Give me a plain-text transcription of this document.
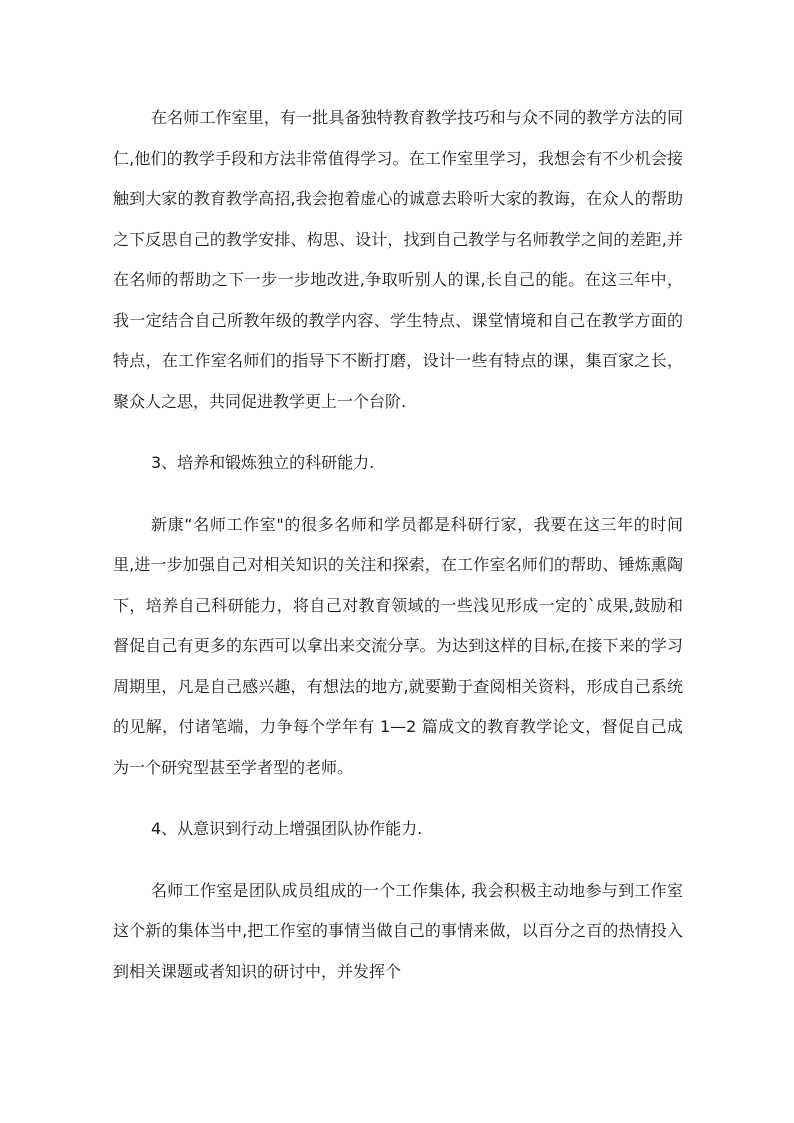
在名师工作室里，有一批具备独特教育教学技巧和与众不同的教学方法的同仁,他们的教学手段和方法非常值得学习。在工作室里学习，我想会有不少机会接触到大家的教育教学高招,我会抱着虚心的诚意去聆听大家的教诲，在众人的帮助之下反思自己的教学安排、构思、设计，找到自己教学与名师教学之间的差距,并在名师的帮助之下一步一步地改进,争取听别人的课,长自己的能。在这三年中，我一定结合自己所教年级的教学内容、学生特点、课堂情境和自己在教学方面的特点，在工作室名师们的指导下不断打磨，设计一些有特点的课，集百家之长，聚众人之思，共同促进教学更上一个台阶.

3、培养和锻炼独立的科研能力.

新康“名师工作室"的很多名师和学员都是科研行家，我要在这三年的时间里,进一步加强自己对相关知识的关注和探索，在工作室名师们的帮助、锤炼熏陶下，培养自己科研能力，将自己对教育领域的一些浅见形成一定的`成果,鼓励和督促自己有更多的东西可以拿出来交流分享。为达到这样的目标,在接下来的学习周期里，凡是自己感兴趣，有想法的地方,就要勤于查阅相关资料，形成自己系统的见解，付诸笔端，力争每个学年有 1—2 篇成文的教育教学论文，督促自己成为一个研究型甚至学者型的老师。

4、从意识到行动上增强团队协作能力.

名师工作室是团队成员组成的一个工作集体, 我会积极主动地参与到工作室这个新的集体当中,把工作室的事情当做自己的事情来做，以百分之百的热情投入到相关课题或者知识的研讨中，并发挥个
